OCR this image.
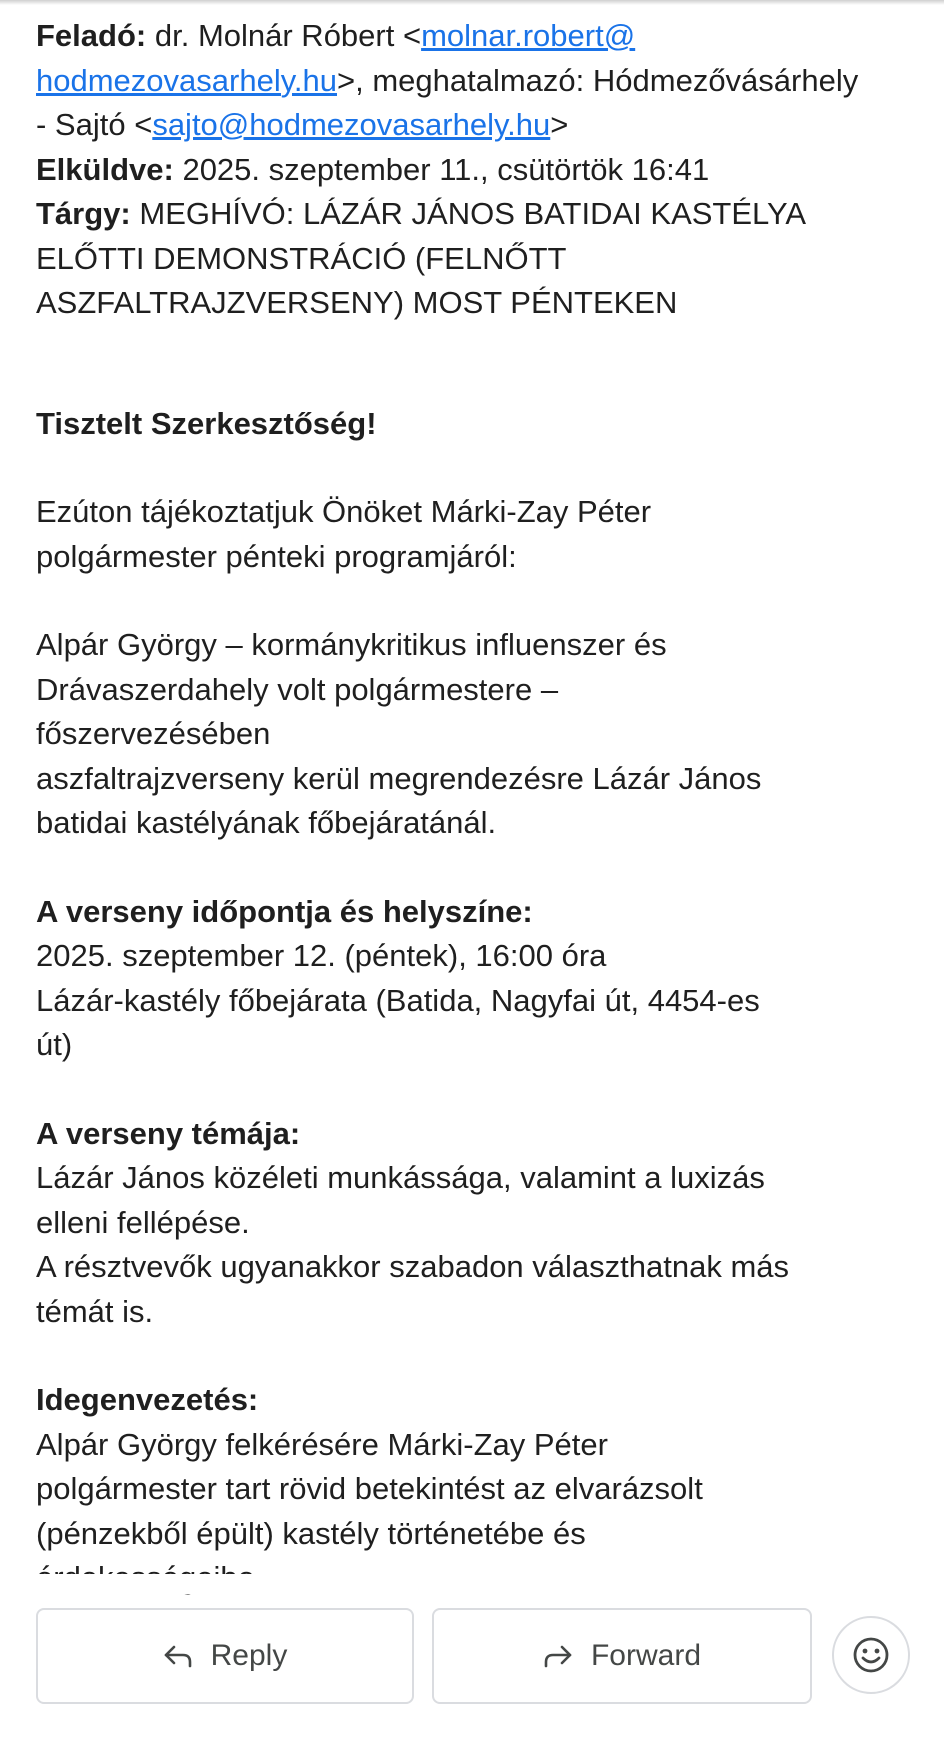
Feladó: dr. Molnár Róbert <molnar.robert@
hodmezovasarhely.hu>, meghatalmazó: Hódmezővásárhely
- Sajtó <sajto@hodmezovasarhely.hu>
Elküldve: 2025. szeptember 11., csütörtök 16:41
Tárgy: MEGHÍVÓ: LÁZÁR JÁNOS BATIDAI KASTÉLYA
ELŐTTI DEMONSTRÁCIÓ (FELNŐTT
ASZFALTRAJZVERSENY) MOST PÉNTEKEN
Tisztelt Szerkesztőség!
Ezúton tájékoztatjuk Önöket Márki-Zay Péter
polgármester pénteki programjáról:
Alpár György – kormánykritikus influenszer és
Drávaszerdahely volt polgármestere –
főszervezésében
aszfaltrajzverseny kerül megrendezésre Lázár János
batidai kastélyának főbejáratánál.
A verseny időpontja és helyszíne:
2025. szeptember 12. (péntek), 16:00 óra
Lázár-kastély főbejárata (Batida, Nagyfai út, 4454-es
út)
A verseny témája:
Lázár János közéleti munkássága, valamint a luxizás
elleni fellépése.
A résztvevők ugyanakkor szabadon választhatnak más
témát is.
Idegenvezetés:
Alpár György felkérésére Márki-Zay Péter
polgármester tart rövid betekintést az elvarázsolt
(pénzekből épült) kastély történetébe és
Reply	Forward
